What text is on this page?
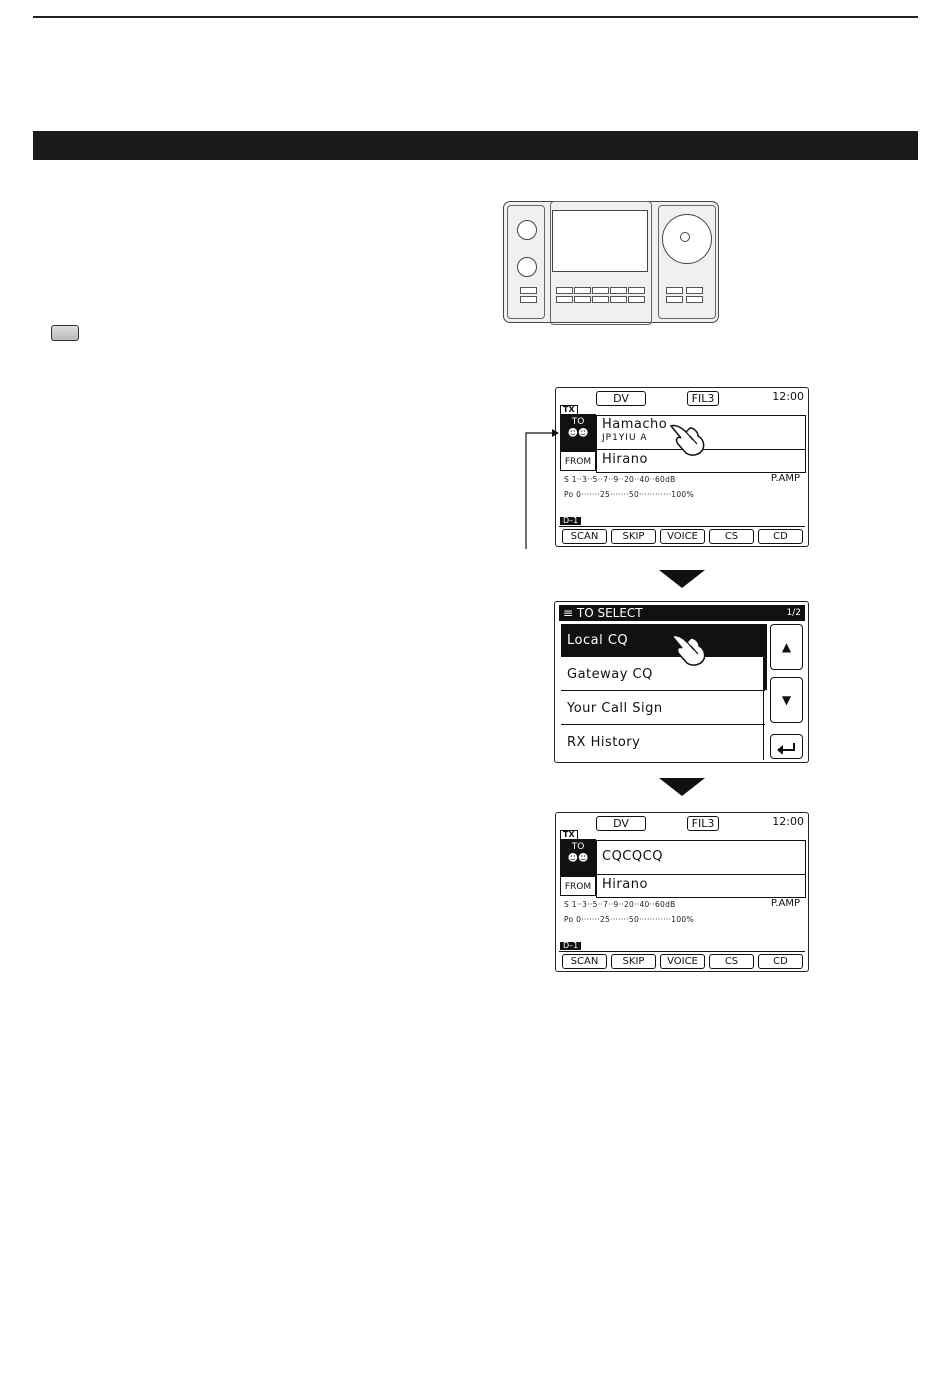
DV	FIL3	12:00
TX
TO
☻☻
Hamacho
JP1YIU A
FROM Hirano
S 1··3··5··7··9··20··40··60dB	P.AMP
Po 0·······25·······50············100%
D–1
SCAN	SKIP	VOICE	CS	CD
≡ TO SELECT	1/2
Local CQ
Gateway CQ
Your Call Sign
RX History
▲
▼
DV	FIL3	12:00
TX
TO
☻☻	CQCQCQ
FROM Hirano
S 1··3··5··7··9··20··40··60dB	P.AMP
Po 0·······25·······50············100%
D–1
SCAN	SKIP	VOICE	CS	CD
